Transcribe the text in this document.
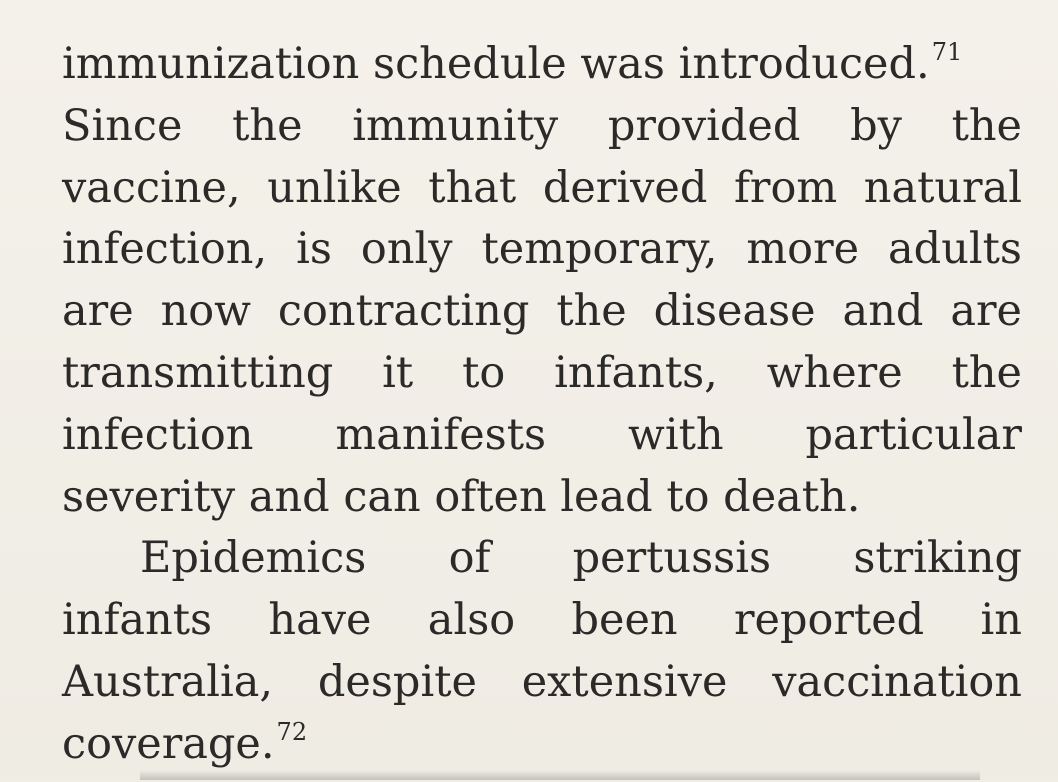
immunization schedule was introduced.$^{71}$
Since the immunity provided by the
vaccine, unlike that derived from natural
infection, is only temporary, more adults
are now contracting the disease and are
transmitting it to infants, where the
infection manifests with particular
severity and can often lead to death.
Epidemics of pertussis striking
infants have also been reported in
Australia, despite extensive vaccination
coverage.$^{72}$
